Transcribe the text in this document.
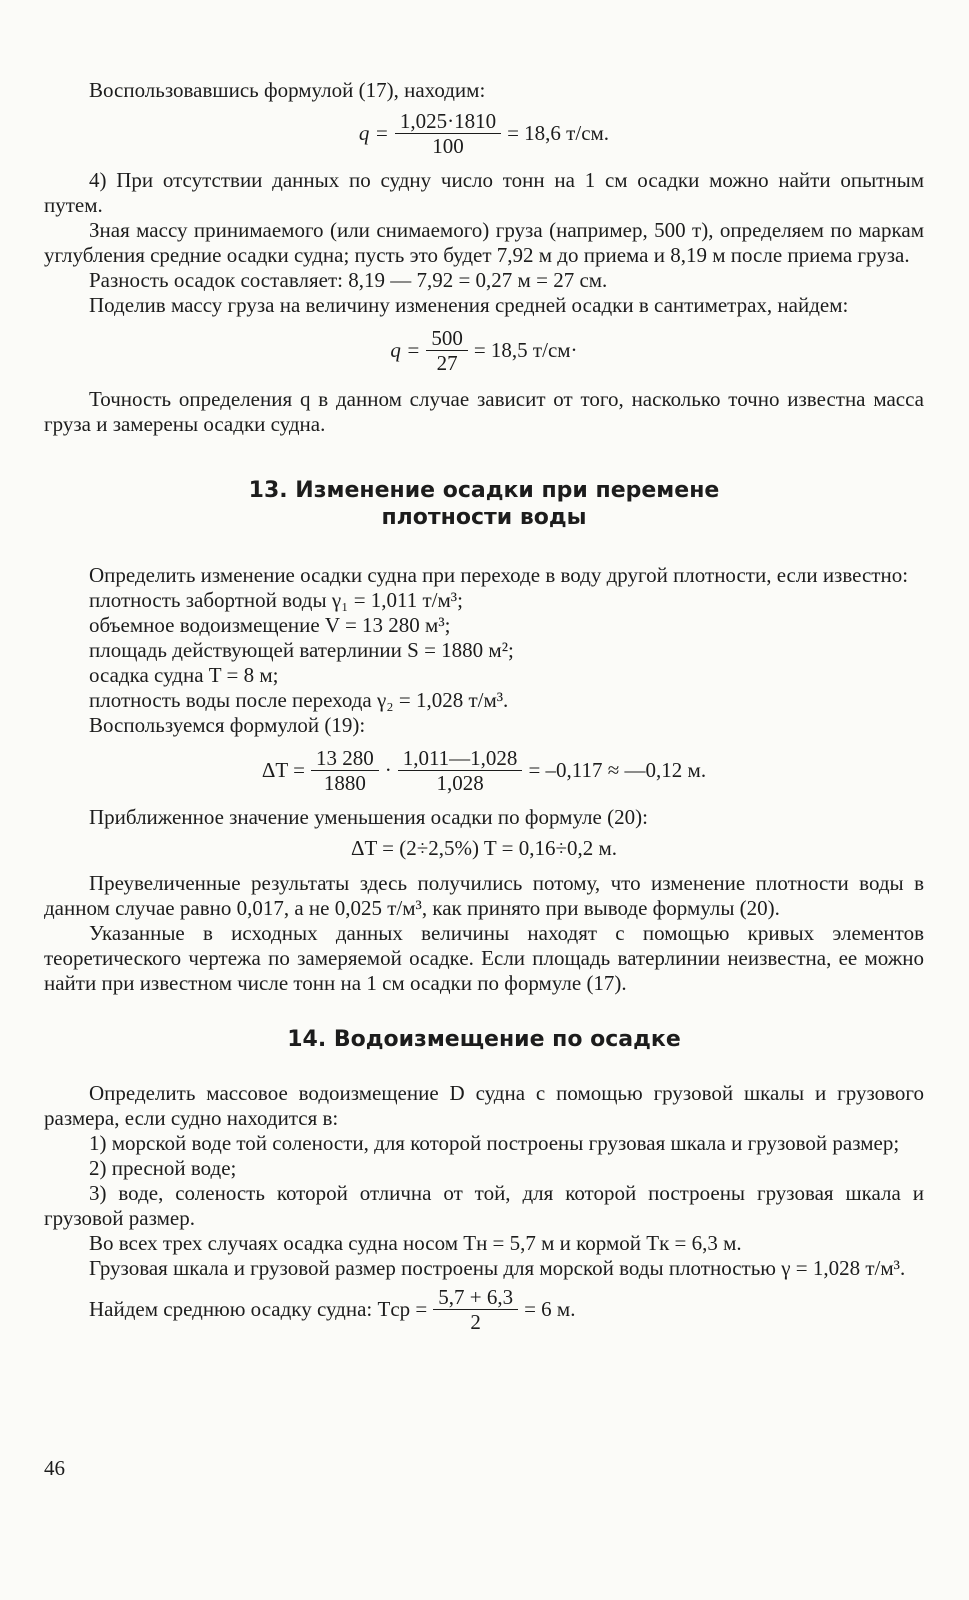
Воспользовавшись формулой (17), находим:

$q = \frac{1,025\cdot 1810}{100} = 18,6$ т/см.

4) При отсутствии данных по судну число тонн на 1 см осадки можно найти опытным путем.

Зная массу принимаемого (или снимаемого) груза (например, 500 т), определяем по маркам углубления средние осадки судна; пусть это будет 7,92 м до приема и 8,19 м после приема груза.

Разность осадок составляет: 8,19 — 7,92 = 0,27 м = 27 см.

Поделив массу груза на величину изменения средней осадки в сантиметрах, найдем:

$q = \frac{500}{27} = 18,5$ т/см·

Точность определения q в данном случае зависит от того, насколько точно известна масса груза и замерены осадки судна.

13. Изменение осадки при перемене

плотности воды

Определить изменение осадки судна при переходе в воду другой плотности, если известно:

плотность забортной воды γ₁ = 1,011 т/м³;
объемное водоизмещение V = 13 280 м³;
площадь действующей ватерлинии S = 1880 м²;
осадка судна T = 8 м;
плотность воды после перехода γ₂ = 1,028 т/м³.

Воспользуемся формулой (19):

$\Delta T = \frac{13 280}{1880} \cdot \frac{1,011—1,028}{1,028} = -0,117$ ≈ —0,12 м.

Приближенное значение уменьшения осадки по формуле (20):

ΔT = (2÷2,5%) T = 0,16÷0,2 м.

Преувеличенные результаты здесь получились потому, что изменение плотности воды в данном случае равно 0,017, а не 0,025 т/м³, как принято при выводе формулы (20).

Указанные в исходных данных величины находят с помощью кривых элементов теоретического чертежа по замеряемой осадке. Если площадь ватерлинии неизвестна, ее можно найти при известном числе тонн на 1 см осадки по формуле (17).

14. Водоизмещение по осадке

Определить массовое водоизмещение D судна с помощью грузовой шкалы и грузового размера, если судно находится в:

1) морской воде той солености, для которой построены грузовая шкала и грузовой размер;

2) пресной воде;

3) воде, соленость которой отлична от той, для которой построены грузовая шкала и грузовой размер.

Во всех трех случаях осадка судна носом Tн = 5,7 м и кормой Tк = 6,3 м.

Грузовая шкала и грузовой размер построены для морской воды плотностью γ = 1,028 т/м³.

Найдем среднюю осадку судна: Tср = $\frac{5,7 + 6,3}{2} = 6$ м.
46
